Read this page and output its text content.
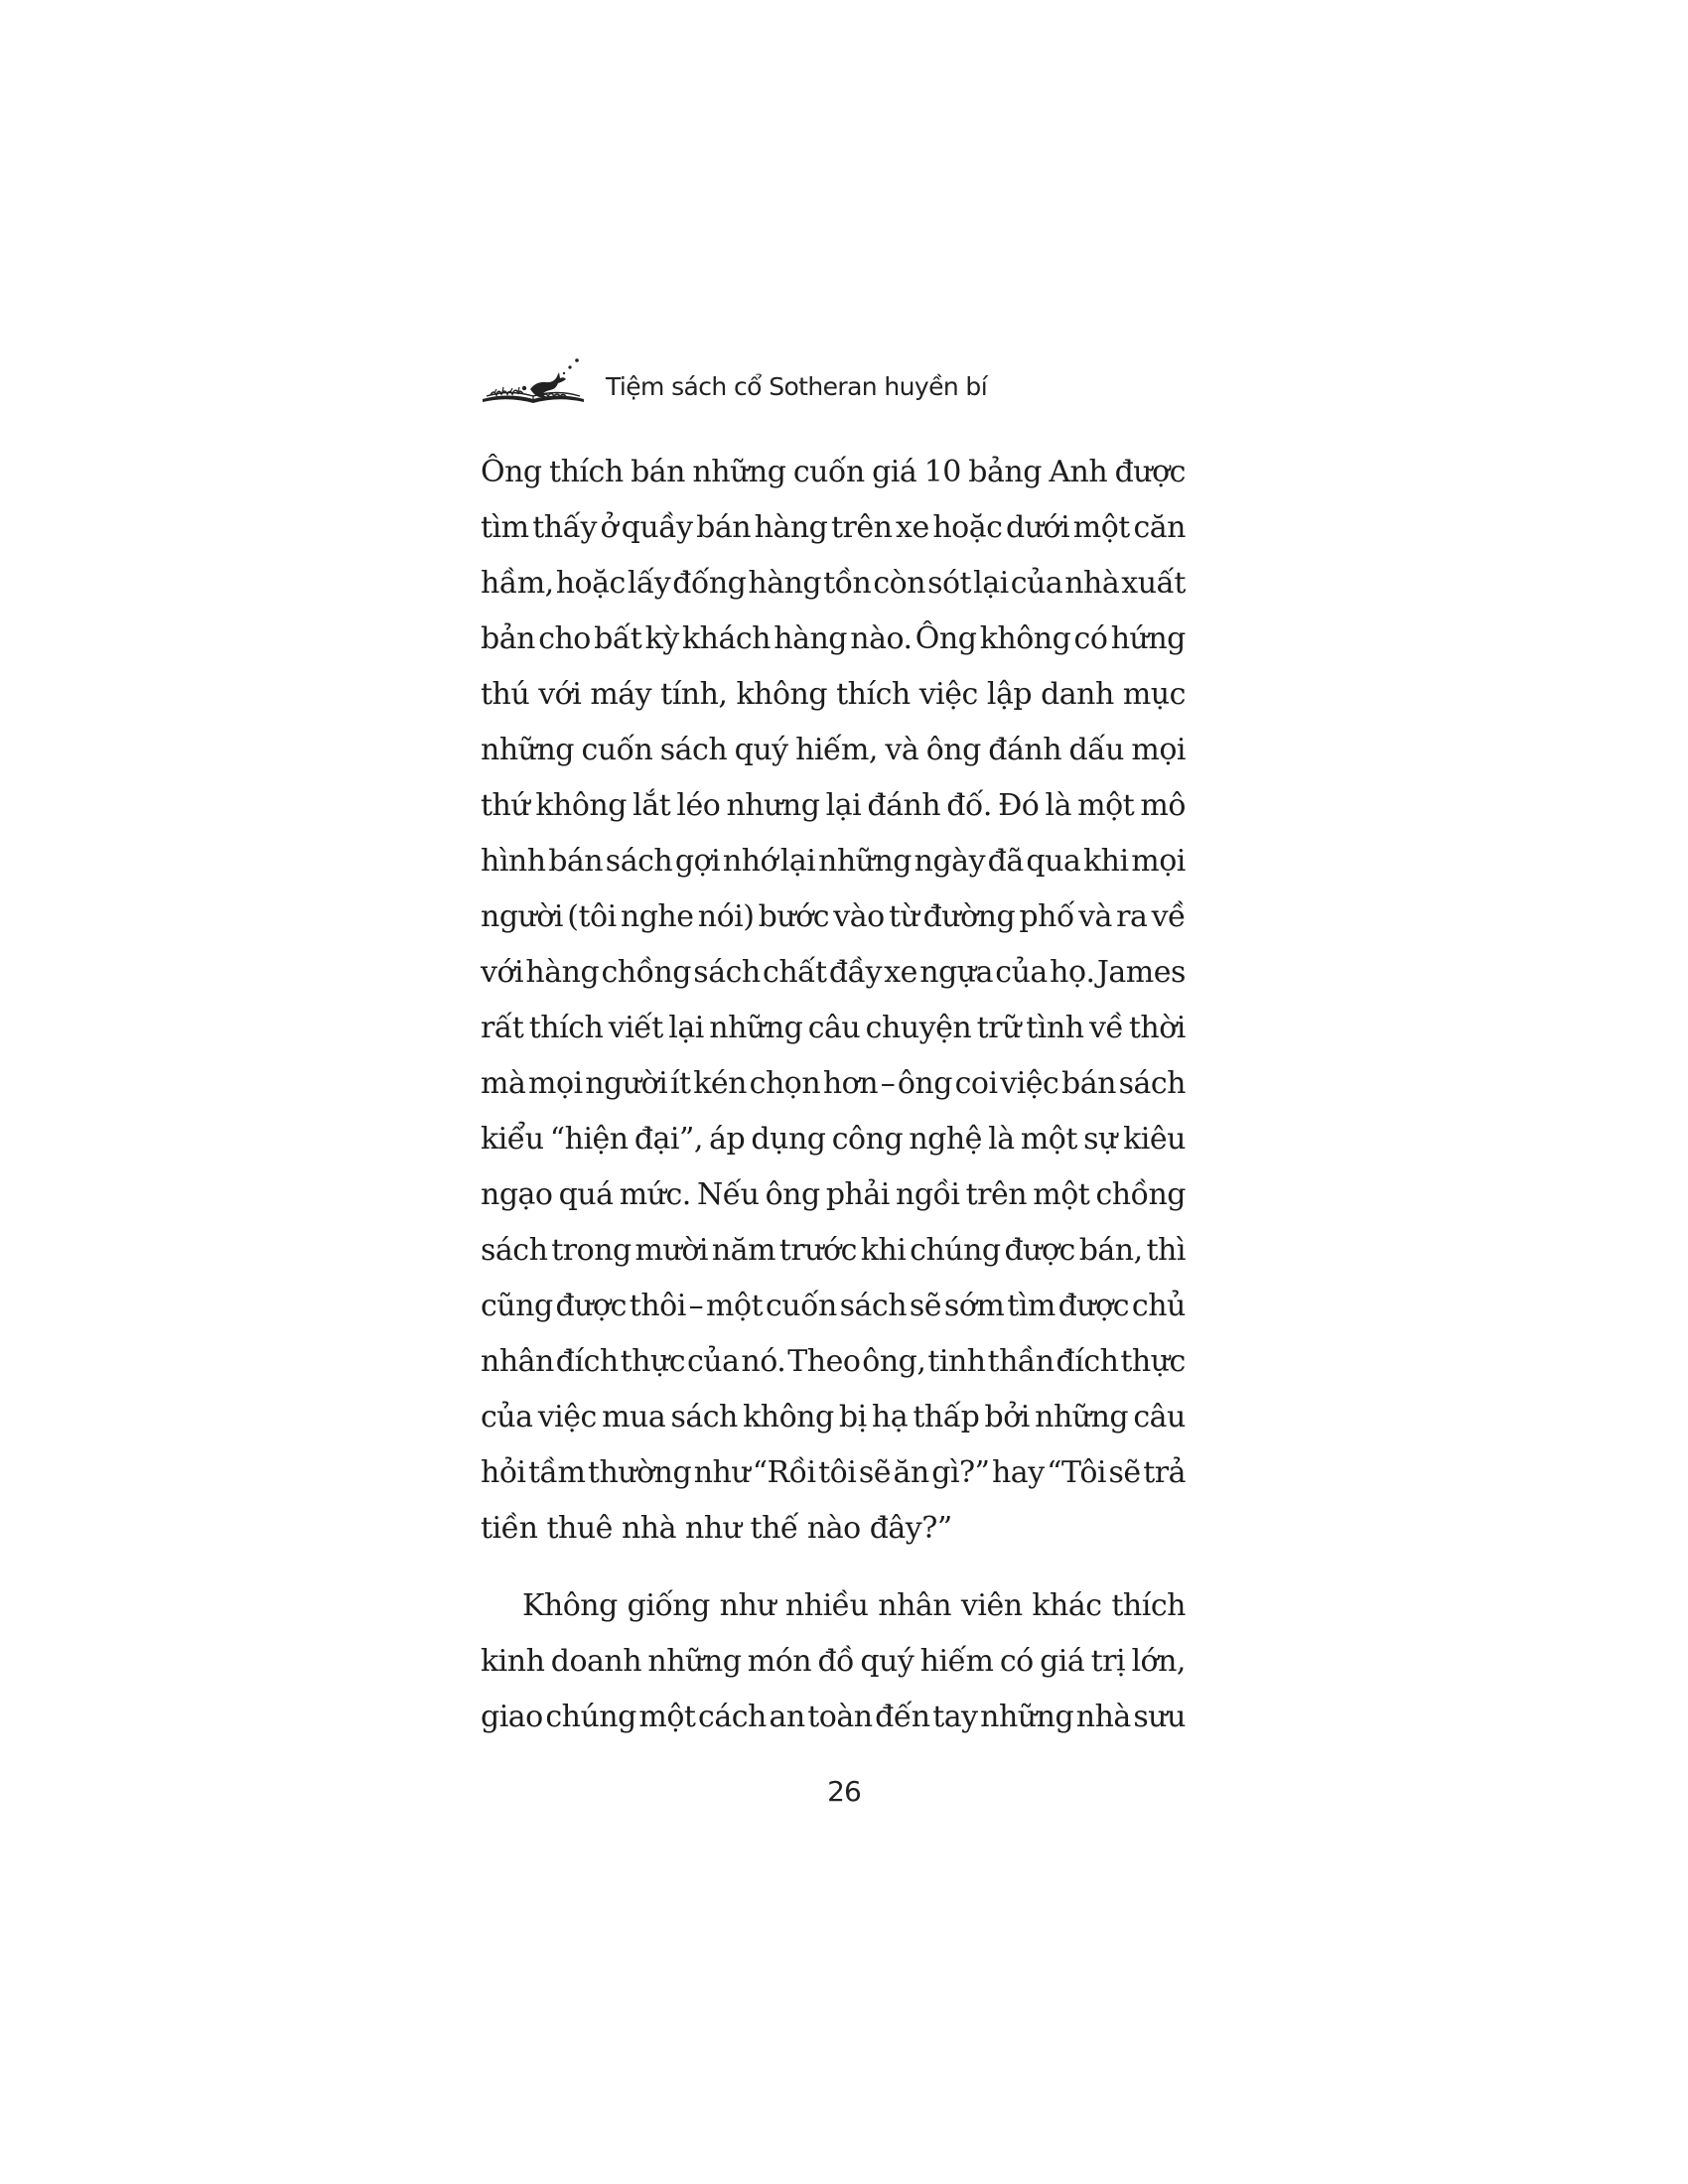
Tiệm sách cổ Sotheran huyền bí
Ông thích bán những cuốn giá 10 bảng Anh được
tìm thấy ở quầy bán hàng trên xe hoặc dưới một căn
hầm, hoặc lấy đống hàng tồn còn sót lại của nhà xuất
bản cho bất kỳ khách hàng nào. Ông không có hứng
thú với máy tính, không thích việc lập danh mục
những cuốn sách quý hiếm, và ông đánh dấu mọi
thứ không lắt léo nhưng lại đánh đố. Đó là một mô
hình bán sách gợi nhớ lại những ngày đã qua khi mọi
người (tôi nghe nói) bước vào từ đường phố và ra về
với hàng chồng sách chất đầy xe ngựa của họ. James
rất thích viết lại những câu chuyện trữ tình về thời
mà mọi người ít kén chọn hơn – ông coi việc bán sách
kiểu “hiện đại”, áp dụng công nghệ là một sự kiêu
ngạo quá mức. Nếu ông phải ngồi trên một chồng
sách trong mười năm trước khi chúng được bán, thì
cũng được thôi – một cuốn sách sẽ sớm tìm được chủ
nhân đích thực của nó. Theo ông, tinh thần đích thực
của việc mua sách không bị hạ thấp bởi những câu
hỏi tầm thường như “Rồi tôi sẽ ăn gì?” hay “Tôi sẽ trả
tiền thuê nhà như thế nào đây?”
Không giống như nhiều nhân viên khác thích
kinh doanh những món đồ quý hiếm có giá trị lớn,
giao chúng một cách an toàn đến tay những nhà sưu
26
